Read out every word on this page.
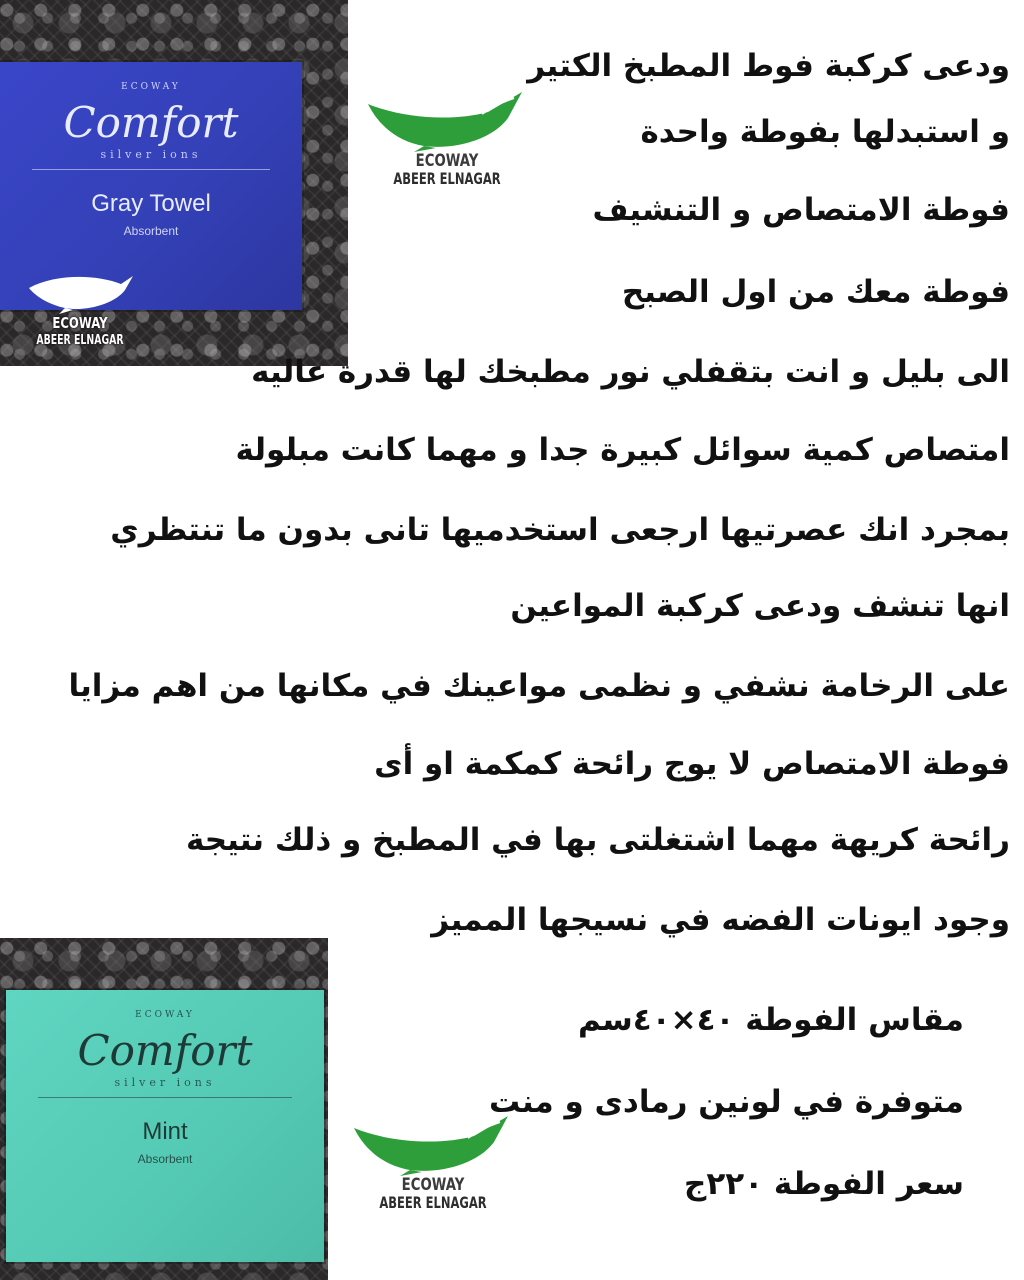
ECOWAY
Comfort
silver ions
Gray Towel
Absorbent
ECOWAY
ABEER ELNAGAR
ECOWAY
ABEER ELNAGAR
ECOWAY
Comfort
silver ions
Mint
Absorbent
ECOWAY
ABEER ELNAGAR
ودعى كركبة فوط المطبخ الكتير
و استبدلها بفوطة واحدة
فوطة الامتصاص و التنشيف
فوطة معك من اول الصبح
الى بليل و انت بتقفلي نور مطبخك لها قدرة عاليه
امتصاص كمية سوائل كبيرة جدا و مهما كانت مبلولة
بمجرد انك عصرتيها ارجعى استخدميها تانى بدون ما تنتظري
انها تنشف ودعى كركبة المواعين
على الرخامة نشفي و نظمى مواعينك في مكانها من اهم مزايا
فوطة الامتصاص لا يوج رائحة كمكمة او أى
رائحة كريهة مهما اشتغلتى بها في المطبخ و ذلك نتيجة
وجود ايونات الفضه في نسيجها المميز
مقاس الفوطة ٤٠×٤٠سم
متوفرة في لونين رمادى و منت
سعر الفوطة ٢٢٠ج
